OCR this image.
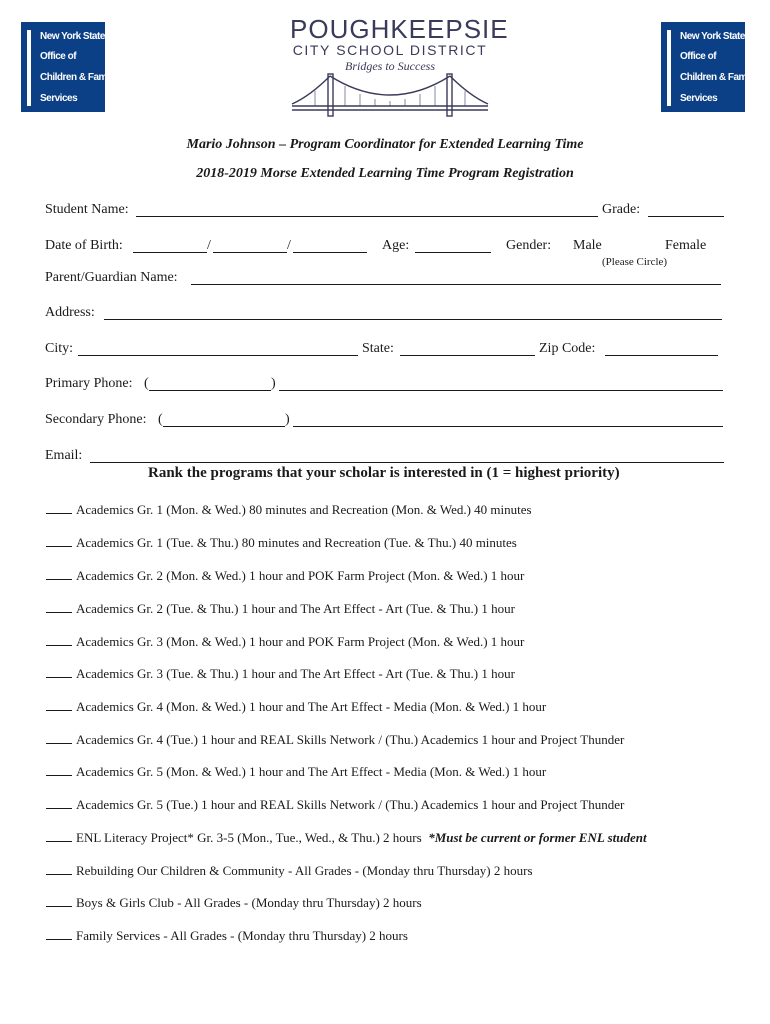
New York State
Office of
Children & Family
Services
POUGHKEEPSIE
CITY SCHOOL DISTRICT
Bridges to Success
New York State
Office of
Children & Family
Services
Mario Johnson – Program Coordinator for Extended Learning Time
2018-2019 Morse Extended Learning Time Program Registration
Student Name:	Grade:
Date of Birth:	/	/	Age:	Gender: Male	Female
(Please Circle)
Parent/Guardian Name:
Address:
City:	State:	Zip Code:
Primary Phone: (	)
Secondary Phone: (	)
Email:
Rank the programs that your scholar is interested in (1 = highest priority)
Academics Gr. 1 (Mon. & Wed.) 80 minutes and Recreation (Mon. & Wed.) 40 minutes
Academics Gr. 1 (Tue. & Thu.) 80 minutes and Recreation (Tue. & Thu.) 40 minutes
Academics Gr. 2 (Mon. & Wed.) 1 hour and POK Farm Project (Mon. & Wed.) 1 hour
Academics Gr. 2 (Tue. & Thu.) 1 hour and The Art Effect - Art (Tue. & Thu.) 1 hour
Academics Gr. 3 (Mon. & Wed.) 1 hour and POK Farm Project (Mon. & Wed.) 1 hour
Academics Gr. 3 (Tue. & Thu.) 1 hour and The Art Effect - Art (Tue. & Thu.) 1 hour
Academics Gr. 4 (Mon. & Wed.) 1 hour and The Art Effect - Media (Mon. & Wed.) 1 hour
Academics Gr. 4 (Tue.) 1 hour and REAL Skills Network / (Thu.) Academics 1 hour and Project Thunder
Academics Gr. 5 (Mon. & Wed.) 1 hour and The Art Effect - Media (Mon. & Wed.) 1 hour
Academics Gr. 5 (Tue.) 1 hour and REAL Skills Network / (Thu.) Academics 1 hour and Project Thunder
ENL Literacy Project* Gr. 3-5 (Mon., Tue., Wed., & Thu.) 2 hours *Must be current or former ENL student
Rebuilding Our Children & Community - All Grades - (Monday thru Thursday) 2 hours
Boys & Girls Club - All Grades - (Monday thru Thursday) 2 hours
Family Services - All Grades - (Monday thru Thursday) 2 hours
